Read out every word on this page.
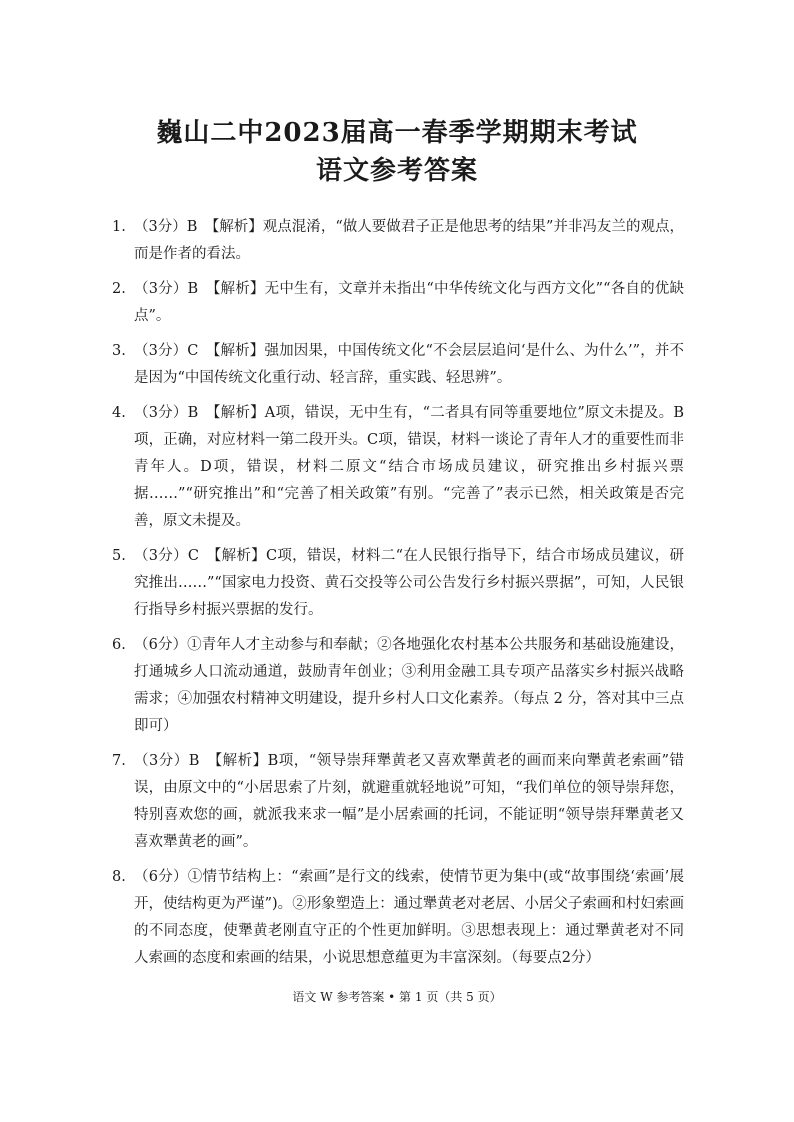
巍山二中2023届高一春季学期期末考试
语文参考答案
1. （3分）B　【解析】观点混淆，“做人要做君子正是他思考的结果”并非冯友兰的观点，而是作者的看法。
2. （3分）B　【解析】无中生有，文章并未指出“中华传统文化与西方文化”“各自的优缺点”。
3. （3分）C　【解析】强加因果，中国传统文化“不会层层追问‘是什么、为什么’”，并不是因为“中国传统文化重行动、轻言辞，重实践、轻思辨”。
4. （3分）B　【解析】A项，错误，无中生有，“二者具有同等重要地位”原文未提及。B项，正确，对应材料一第二段开头。C项，错误，材料一谈论了青年人才的重要性而非青年人。D项，错误，材料二原文“结合市场成员建议，研究推出乡村振兴票据……”“研究推出”和“完善了相关政策”有别。“完善了”表示已然，相关政策是否完善，原文未提及。
5. （3分）C　【解析】C项，错误，材料二“在人民银行指导下，结合市场成员建议，研究推出……”“国家电力投资、黄石交投等公司公告发行乡村振兴票据”，可知，人民银行指导乡村振兴票据的发行。
6. （6分）①青年人才主动参与和奉献；②各地强化农村基本公共服务和基础设施建设，打通城乡人口流动通道，鼓励青年创业；③利用金融工具专项产品落实乡村振兴战略需求；④加强农村精神文明建设，提升乡村人口文化素养。（每点 2 分，答对其中三点即可）
7. （3分）B　【解析】B项，“领导崇拜犟黄老又喜欢犟黄老的画而来向犟黄老索画”错误，由原文中的“小居思索了片刻，就避重就轻地说”可知，“我们单位的领导崇拜您，特别喜欢您的画，就派我来求一幅”是小居索画的托词，不能证明“领导崇拜犟黄老又喜欢犟黄老的画”。
8. （6分）①情节结构上：“索画”是行文的线索，使情节更为集中(或“故事围绕‘索画’展开，使结构更为严谨”)。②形象塑造上：通过犟黄老对老居、小居父子索画和村妇索画的不同态度，使犟黄老刚直守正的个性更加鲜明。③思想表现上：通过犟黄老对不同人索画的态度和索画的结果，小说思想意蕴更为丰富深刻。（每要点2分）
语文 W 参考答案 • 第 1 页（共 5 页）
